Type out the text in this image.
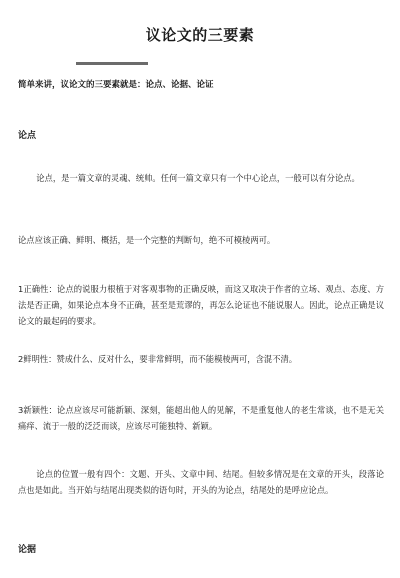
议论文的三要素
简单来讲，议论文的三要素就是：论点、论据、论证
论点
论点，是一篇文章的灵魂、统帅。任何一篇文章只有一个中心论点，一般可以有分论点。
论点应该正确、鲜明、概括，是一个完整的判断句，绝不可模棱两可。
1正确性：论点的说服力根植于对客观事物的正确反映，而这又取决于作者的立场、观点、态度、方法是否正确，如果论点本身不正确，甚至是荒谬的，再怎么论证也不能说服人。因此，论点正确是议论文的最起码的要求。
2鲜明性：赞成什么、反对什么，要非常鲜明，而不能模棱两可，含混不清。
3新颖性：论点应该尽可能新颖、深刻，能超出他人的见解，不是重复他人的老生常谈，也不是无关痛痒、流于一般的泛泛而谈，应该尽可能独特、新颖。
论点的位置一般有四个：文题、开头、文章中间、结尾。但较多情况是在文章的开头，段落论点也是如此。当开始与结尾出现类似的语句时，开头的为论点，结尾处的是呼应论点。
论据
